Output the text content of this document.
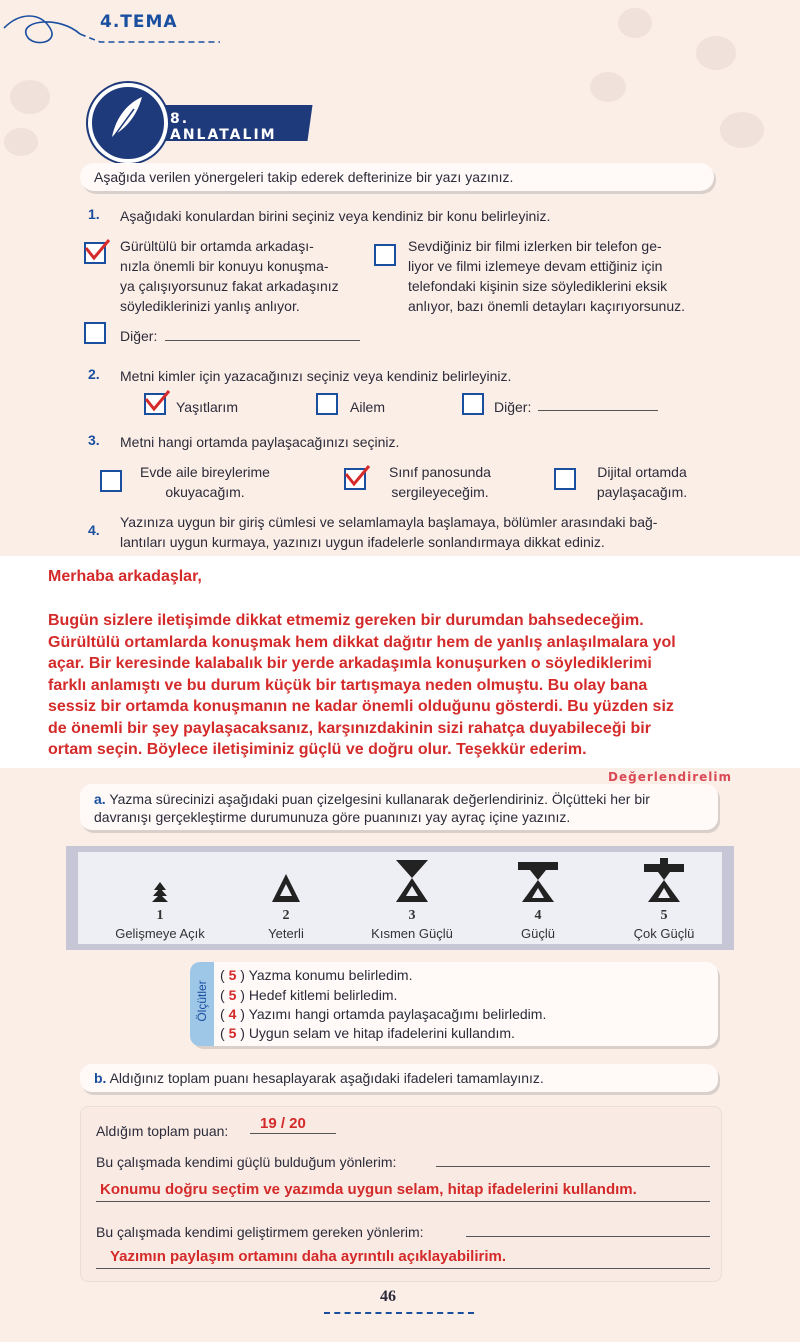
4.TEMA
8. ANLATALIM
Aşağıda verilen yönergeleri takip ederek defterinize bir yazı yazınız.
1. Aşağıdaki konulardan birini seçiniz veya kendiniz bir konu belirleyiniz.
Gürültülü bir ortamda arkadaşı-
nızla önemli bir konuyu konuşma-
ya çalışıyorsunuz fakat arkadaşınız
söylediklerinizi yanlış anlıyor.
Sevdiğiniz bir filmi izlerken bir telefon ge-
liyor ve filmi izlemeye devam ettiğiniz için
telefondaki kişinin size söylediklerini eksik
anlıyor, bazı önemli detayları kaçırıyorsunuz.
Diğer:
2. Metni kimler için yazacağınızı seçiniz veya kendiniz belirleyiniz.
Yaşıtlarım	Ailem	Diğer:
3. Metni hangi ortamda paylaşacağınızı seçiniz.
Evde aile bireylerime
okuyacağım.
Sınıf panosunda
sergileyeceğim.
Dijital ortamda
paylaşacağım.
4. Yazınıza uygun bir giriş cümlesi ve selamlamayla başlamaya, bölümler arasındaki bağ-
lantıları uygun kurmaya, yazınızı uygun ifadelerle sonlandırmaya dikkat ediniz.

Merhaba arkadaşlar,

Bugün sizlere iletişimde dikkat etmemiz gereken bir durumdan bahsedeceğim.

Gürültülü ortamlarda konuşmak hem dikkat dağıtır hem de yanlış anlaşılmalara yol

açar. Bir keresinde kalabalık bir yerde arkadaşımla konuşurken o söylediklerimi

farklı anlamıştı ve bu durum küçük bir tartışmaya neden olmuştu. Bu olay bana

sessiz bir ortamda konuşmanın ne kadar önemli olduğunu gösterdi. Bu yüzden siz

de önemli bir şey paylaşacaksanız, karşınızdakinin sizi rahatça duyabileceği bir

ortam seçin. Böylece iletişiminiz güçlü ve doğru olur. Teşekkür ederim.

Değerlendirelim
a. Yazma sürecinizi aşağıdaki puan çizelgesini kullanarak değerlendiriniz. Ölçütteki her bir
davranışı gerçekleştirme durumunuza göre puanınızı yay ayraç içine yazınız.
1
Gelişmeye Açık
2
Yeterli
3
Kısmen Güçlü
4
Güçlü
5
Çok Güçlü
Ölçütler
( 5 ) Yazma konumu belirledim.
( 5 ) Hedef kitlemi belirledim.
( 4 ) Yazımı hangi ortamda paylaşacağımı belirledim.
( 5 ) Uygun selam ve hitap ifadelerini kullandım.
b. Aldığınız toplam puanı hesaplayarak aşağıdaki ifadeleri tamamlayınız.
Aldığım toplam puan: 19 / 20
Bu çalışmada kendimi güçlü bulduğum yönlerim:
Konumu doğru seçtim ve yazımda uygun selam, hitap ifadelerini kullandım.
Bu çalışmada kendimi geliştirmem gereken yönlerim:
Yazımın paylaşım ortamını daha ayrıntılı açıklayabilirim.
46
